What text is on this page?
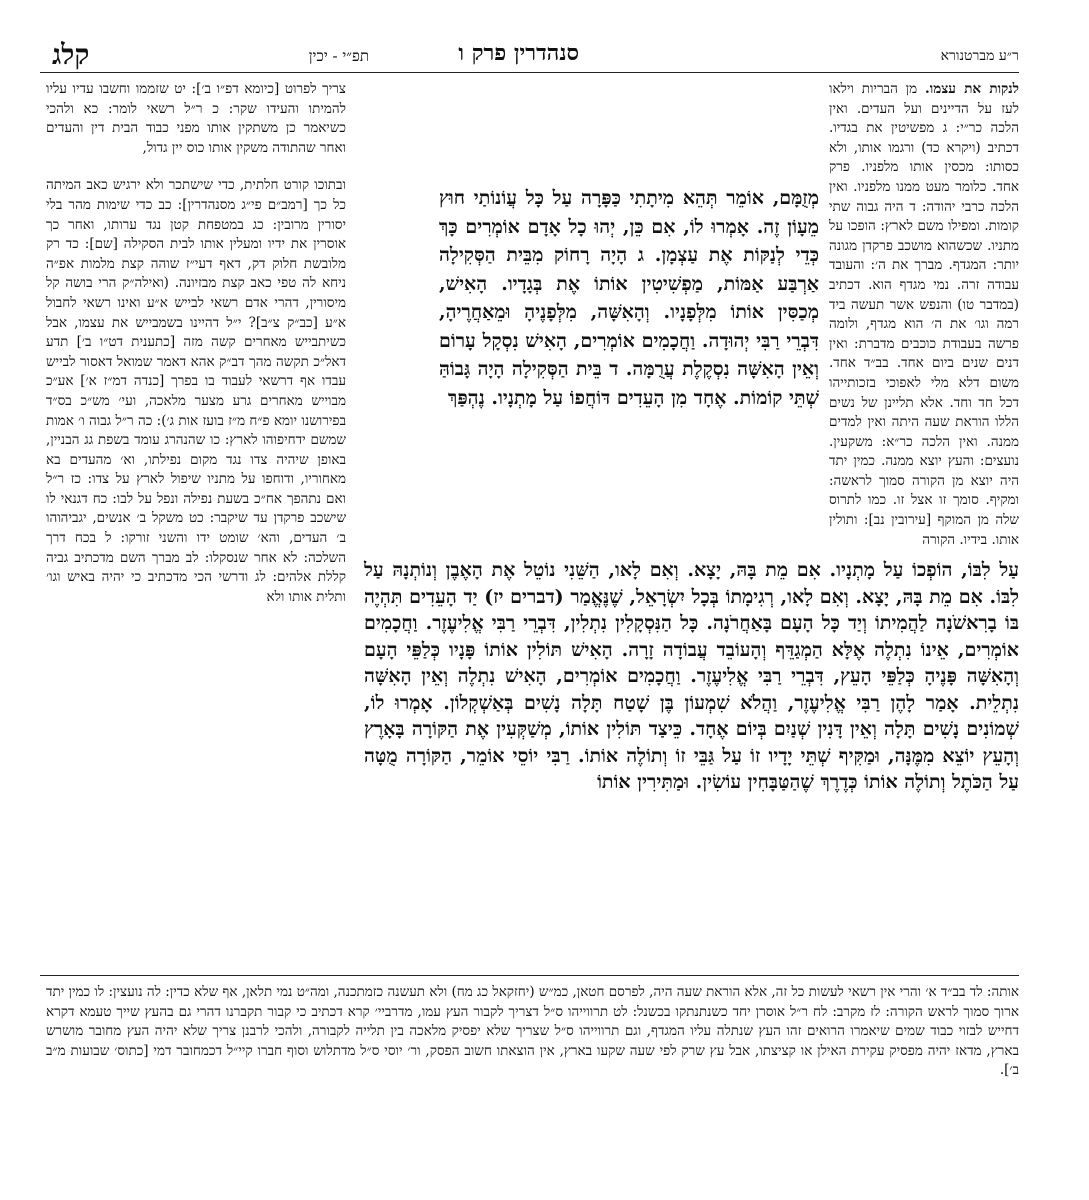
ר״ע מברטנורא
סנהדרין פרק ו
תפ״י - יכין
קלג

לנקות את עצמו. מן הבריות וילאו לעז על הדיינים ועל העדים. ואין הלכה כר״י: ג מפשיטין את בגדיו. דכתיב (ויקרא כד) ורגמו אותו, ולא כסותו: מכסין אותו מלפניו. פרק אחד. כלומר מעט ממנו מלפניו. ואין הלכה כרבי יהודה: ד היה גבוה שתי קומות. ומפילו משם לארץ: הופכו על מתניו. שכשהוא מושכב פרקדן מגונה יותר: המגדף. מברך את ה׳: והעובד עבודה זרה. נמי מגדף הוא. דכתיב (במדבר טו) והנפש אשר תעשה ביד רמה וגו׳ את ה׳ הוא מגדף, ולומה פרשה בעבודת כוכבים מדברת: ואין דנים שנים ביום אחד. בב״ד אחד. משום דלא מלי לאפוכי בזכותייהו דכל חד וחד. אלא תליינן של נשים הללו הוראת שעה היתה ואין למדים ממנה. ואין הלכה כר״א: משקעין. נועצים: והעץ יוצא ממנה. כמין יתד היה יוצא מן הקורה סמוך לראשה: ומקיף. סומך זו אצל זו. כמו לתרוס שלה מן המוקף [עירובין נב]: ותולין אותו. בידיו. הקורה

צריך לפרוט [כיומא דפ״ו ב׳]: יט שזממו וחשבו עדיו עליו להמיתו והעידו שקר: כ ר״ל רשאי לומר: כא ולהכי כשיאמר כן משתקין אותו מפני כבוד הבית דין והעדים ואחר שהתודה משקין אותו כוס יין גדול,

ובתוכו קורט חלתית, כדי שישתכר ולא ירגיש כאב המיתה כל כך [רמב״ם פי״ג מסנהדרין]: כב כדי שימות מהר בלי יסורין מרובין: כג במטפחת קטן נגד ערותו, ואחר כך אוסרין את ידיו ומעלין אותו לבית הסקילה [שם]: כד רק מלובשת חלוק דק, דאף דעי״ז שוהה קצת מלמות אפ״ה ניחא לה טפי כאב קצת מבזיונה. (ואילה״ק הרי בושה קל מיסורין, דהרי אדם רשאי לבייש א״ע ואינו רשאי לחבול א״ע [כב״ק צ״ב]? י״ל דהיינו בשמבייש את עצמו, אבל כשיתבייש מאחרים קשה מזה [כתענית דט״ו ב׳] תדע דאל״כ תקשה מהך דב״ק אהא דאמר שמואל דאסור לבייש עבדו אף דרשאי לעבוד בו בפרך [כנדה דמ״ז א׳] אע״כ מבוייש מאחרים גרע מצער מלאכה, ועי׳ מש״כ בס״ד בפירושנו יומא פ״ח מ״ז בועז אות ג׳): כה ר״ל גבוה ו׳ אמות שמשם ידחיפוהו לארץ: כו שהנהרג עומד בשפת גג הבניין, באופן שיהיה צדו נגד מקום נפילתו, וא׳ מהעדים בא מאחוריו, ודוחפו על מתניו שיפול לארץ על צדו: כז ר״ל ואם נתהפך אח״כ בשעת נפילה ונפל על לבו: כח דגנאי לו שישכב פרקדן עד שיקבר: כט משקל ב׳ אנשים, יגביהוהו ב׳ העדים, והא׳ שומט ידו והשני זורקו: ל בכח דרך השלכה: לא אחר שנסקלו: לב מברך השם מדכתיב גביה קללת אלהים: לג ודרשי הכי מדכתיב כי יהיה באיש וגו׳ ותלית אותו ולא

מְזֻמָּם, אוֹמֵר תְּהֵא מִיתָתִי כַּפָּרָה עַל כָּל עֲוֹנוֹתַי חוּץ מֵעָוֹן זֶה. אָמְרוּ לוֹ, אִם כֵּן, יְהוּ כָל אָדָם אוֹמְרִים כָּךְ כְּדֵי לְנַקּוֹת אֶת עַצְמָן. ג הָיָה רָחוֹק מִבֵּית הַסְּקִילָה אַרְבַּע אַמּוֹת, מַפְשִׁיטִין אוֹתוֹ אֶת בְּגָדָיו. הָאִישׁ, מְכַסִּין אוֹתוֹ מִלְּפָנָיו. וְהָאִשָּׁה, מִלְּפָנֶיהָ וּמֵאַחֲרֶיהָ, דִּבְרֵי רַבִּי יְהוּדָה. וַחֲכָמִים אוֹמְרִים, הָאִישׁ נִסְקָל עָרוֹם וְאֵין הָאִשָּׁה נִסְקֶלֶת עֲרֻמָּה. ד בֵּית הַסְּקִילָה הָיָה גָּבוֹהַּ שְׁתֵּי קוֹמוֹת. אֶחָד מִן הָעֵדִים דּוֹחֲפוֹ עַל מָתְנָיו. נֶהְפַּךְ

עַל לִבּוֹ, הוֹפְכוֹ עַל מָתְנָיו. אִם מֵת בָּהּ, יָצָא. וְאִם לָאו, הַשֵּׁנִי נוֹטֵל אֶת הָאֶבֶן וְנוֹתְנָהּ עַל לִבּוֹ. אִם מֵת בָּהּ, יָצָא. וְאִם לָאו, רְגִימָתוֹ בְּכָל יִשְׂרָאֵל, שֶׁנֶּאֱמַר (דברים יז) יַד הָעֵדִים תִּהְיֶה בּוֹ בָרִאשֹׁנָה לַהֲמִיתוֹ וְיַד כָּל הָעָם בָּאַחֲרֹנָה. כָּל הַנִּסְקָלִין נִתְלִין, דִּבְרֵי רַבִּי אֱלִיעֶזֶר. וַחֲכָמִים אוֹמְרִים, אֵינוֹ נִתְלֶה אֶלָּא הַמְגַדֵּף וְהָעוֹבֵד עֲבוֹדָה זָרָה. הָאִישׁ תּוֹלִין אוֹתוֹ פָּנָיו כְּלַפֵּי הָעָם וְהָאִשָּׁה פָּנֶיהָ כְּלַפֵּי הָעֵץ, דִּבְרֵי רַבִּי אֱלִיעֶזֶר. וַחֲכָמִים אוֹמְרִים, הָאִישׁ נִתְלֶה וְאֵין הָאִשָּׁה נִתְלֵית. אָמַר לָהֶן רַבִּי אֱלִיעֶזֶר, וַהֲלֹא שִׁמְעוֹן בֶּן שָׁטַח תָּלָה נָשִׁים בְּאַשְׁקְלוֹן. אָמְרוּ לוֹ, שְׁמוֹנִים נָשִׁים תָּלָה וְאֵין דָּנִין שְׁנַיִם בְּיוֹם אֶחָד. כֵּיצַד תּוֹלִין אוֹתוֹ, מְשַׁקְּעִין אֶת הַקּוֹרָה בָּאָרֶץ וְהָעֵץ יוֹצֵא מִמֶּנָּה, וּמַקִּיף שְׁתֵּי יָדָיו זוֹ עַל גַּבֵּי זוֹ וְתוֹלֶה אוֹתוֹ. רַבִּי יוֹסֵי אוֹמֵר, הַקּוֹרָה מֻטָּה עַל הַכֹּתֶל וְתוֹלֶה אוֹתוֹ כְּדֶרֶךְ שֶׁהַטַּבָּחִין עוֹשִׂין. וּמַתִּירִין אוֹתוֹ

אותה: לד בב״ד א׳ והרי אין רשאי לעשות כל זה, אלא הוראת שעה היה, לפרסם חטאן, כמ״ש (יחזקאל כג מח) ולא תעשנה כזמתכנה, ומה״ט נמי תלאן, אף שלא כדין: לה נועצין: לו כמין יתד ארוך סמוך לראש הקורה: לז מקרב: לח ר״ל אוסרן יחד כשנתנתקו בכשנל: לט תרווייהו ס״ל דצריך לקבור העץ עמו, מדרביי׳ קרא דכתיב כי קבור תקברנו דהרי גם בהעץ שייך טעמא דקרא דחייש לבזוי כבוד שמים שיאמרו הרואים זהו העץ שנתלה עליו המגדף, וגם תרווייהו ס״ל שצריך שלא יפסיק מלאכה בין תלייה לקבורה, ולהכי לרבנן צריך שלא יהיה העץ מחובר מושרש בארץ, מדאז יהיה מפסיק עקירת האילן או קציצתו, אבל עץ שרק לפי שעה שקעו בארץ, אין הוצאתו חשוב הפסק, ור׳ יוסי ס״ל מדתלוש וסוף חברו קיי״ל דכמחובר דמי [כתוס׳ שבועות מ״ב ב׳].
